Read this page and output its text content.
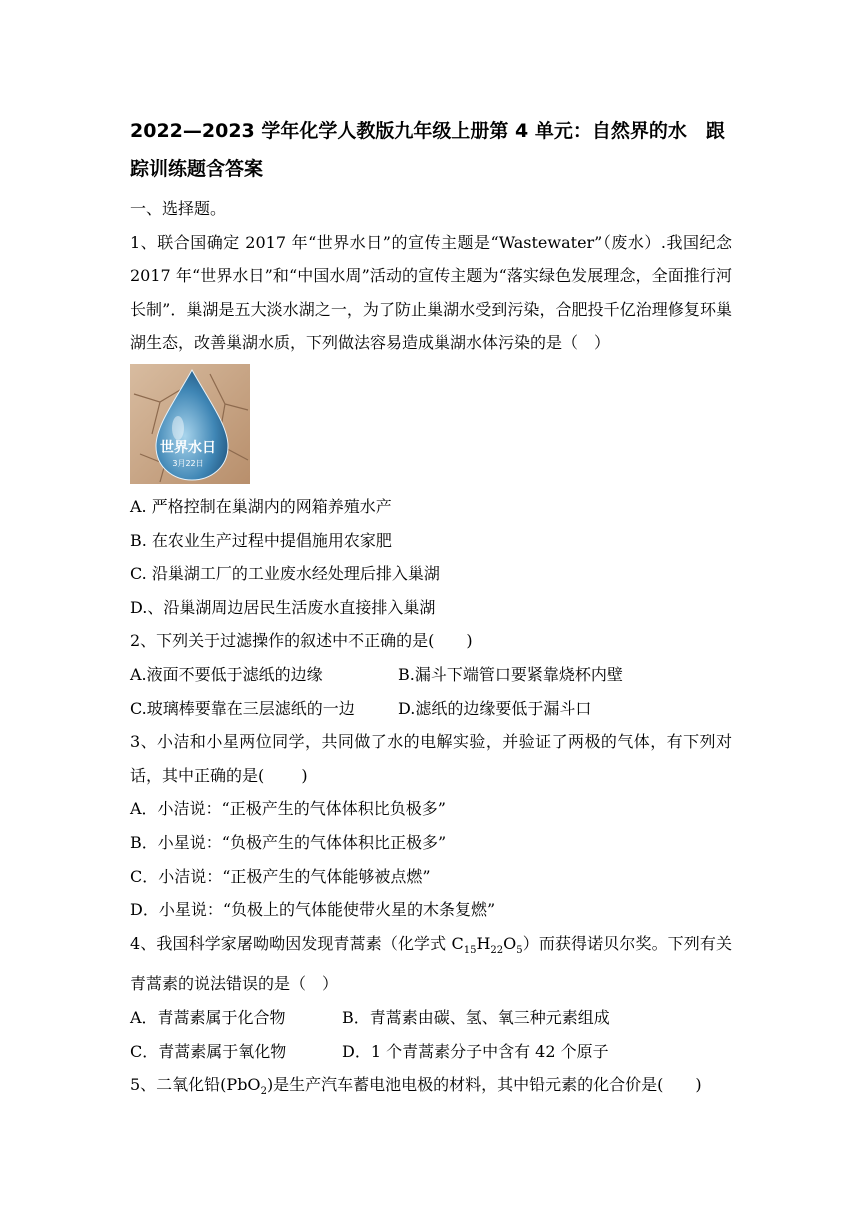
2022—2023 学年化学人教版九年级上册第 4 单元：自然界的水　跟
踪训练题含答案

一、选择题。

1、联合国确定 2017 年“世界水日”的宣传主题是“Wastewater”（废水）.我国纪念 2017 年“世界水日”和“中国水周”活动的宣传主题为“落实绿色发展理念，全面推行河长制”．巢湖是五大淡水湖之一，为了防止巢湖水受到污染，合肥投千亿治理修复环巢湖生态，改善巢湖水质，下列做法容易造成巢湖水体污染的是（　）

世界水日
3月22日

A. 严格控制在巢湖内的网箱养殖水产

B. 在农业生产过程中提倡施用农家肥

C. 沿巢湖工厂的工业废水经处理后排入巢湖

D.、沿巢湖周边居民生活废水直接排入巢湖

2、下列关于过滤操作的叙述中不正确的是(　　)

A.液面不要低于滤纸的边缘	B.漏斗下端管口要紧靠烧杯内壁
C.玻璃棒要靠在三层滤纸的一边	D.滤纸的边缘要低于漏斗口

3、小洁和小星两位同学，共同做了水的电解实验，并验证了两极的气体，有下列对话，其中正确的是(　　 )

A．小洁说：“正极产生的气体体积比负极多”

B．小星说：“负极产生的气体体积比正极多”

C．小洁说：“正极产生的气体能够被点燃”

D．小星说：“负极上的气体能使带火星的木条复燃”

4、我国科学家屠呦呦因发现青蒿素（化学式 $C_{15}H_{22}O_5$）而获得诺贝尔奖。下列有关青蒿素的说法错误的是（　）

A．青蒿素属于化合物	B．青蒿素由碳、氢、氧三种元素组成
C．青蒿素属于氧化物	D．1 个青蒿素分子中含有 42 个原子

5、二氧化铅(PbO$_2$)是生产汽车蓄电池电极的材料，其中铅元素的化合价是(　　)
